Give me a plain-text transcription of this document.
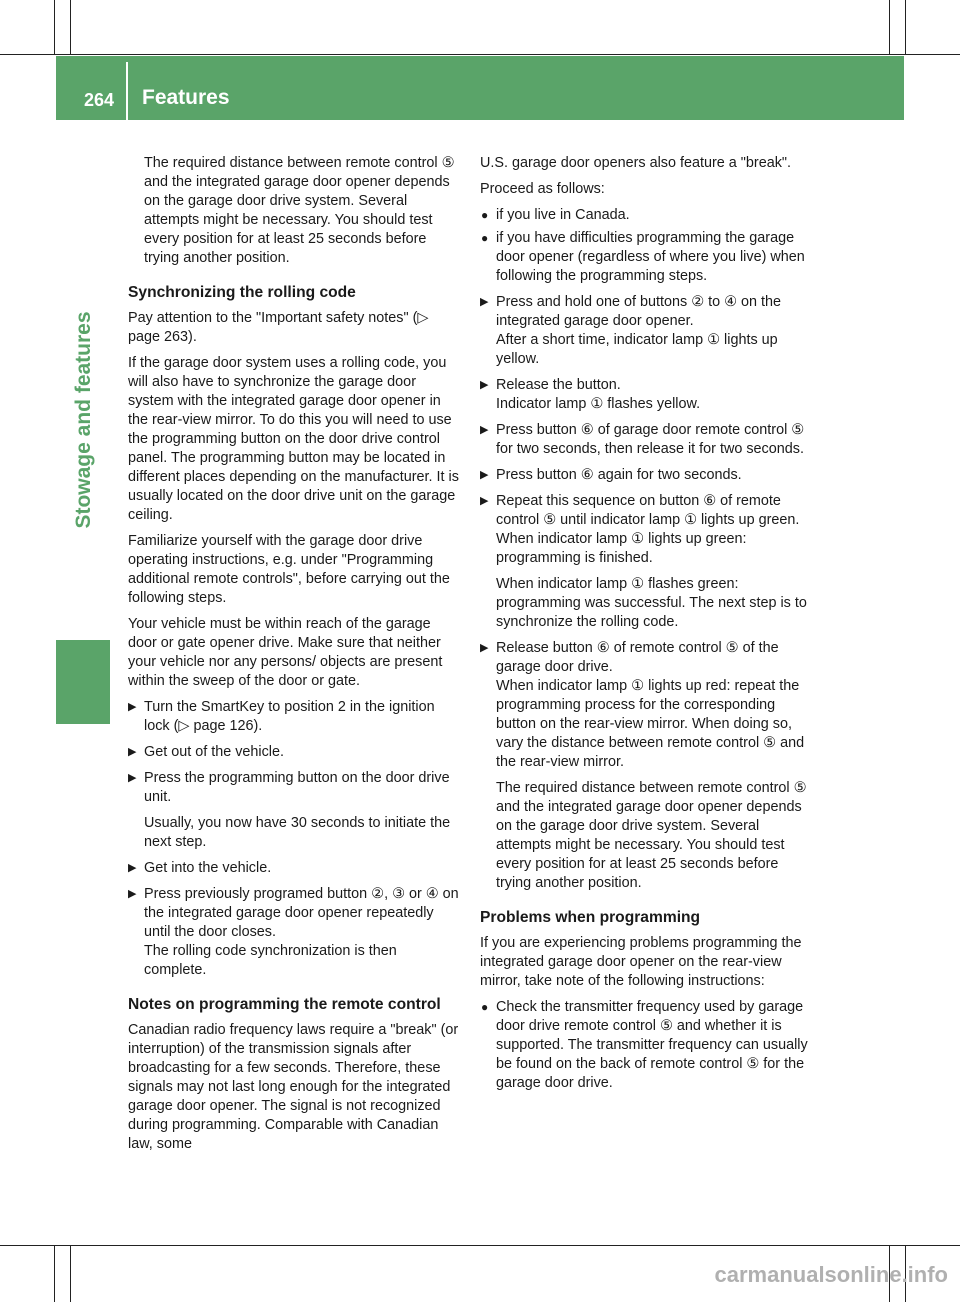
264 Features
Stowage and features

The required distance between remote control ⑤ and the integrated garage door opener depends on the garage door drive system. Several attempts might be necessary. You should test every position for at least 25 seconds before trying another position.

Synchronizing the rolling code

Pay attention to the "Important safety notes" (▷ page 263).

If the garage door system uses a rolling code, you will also have to synchronize the garage door system with the integrated garage door opener in the rear-view mirror. To do this you will need to use the programming button on the door drive control panel. The programming button may be located in different places depending on the manufacturer. It is usually located on the door drive unit on the garage ceiling.

Familiarize yourself with the garage door drive operating instructions, e.g. under "Programming additional remote controls", before carrying out the following steps.

Your vehicle must be within reach of the garage door or gate opener drive. Make sure that neither your vehicle nor any persons/ objects are present within the sweep of the door or gate.

▶ Turn the SmartKey to position 2 in the ignition lock (▷ page 126).
▶ Get out of the vehicle.
▶ Press the programming button on the door drive unit.
Usually, you now have 30 seconds to initiate the next step.
▶ Get into the vehicle.
▶ Press previously programed button ②, ③ or ④ on the integrated garage door opener repeatedly until the door closes.
The rolling code synchronization is then complete.
Notes on programming the remote control

Canadian radio frequency laws require a "break" (or interruption) of the transmission signals after broadcasting for a few seconds. Therefore, these signals may not last long enough for the integrated garage door opener. The signal is not recognized during programming. Comparable with Canadian law, some

U.S. garage door openers also feature a "break".

Proceed as follows:

● if you live in Canada.
● if you have difficulties programming the garage door opener (regardless of where you live) when following the programming steps.
▶ Press and hold one of buttons ② to ④ on the integrated garage door opener.
After a short time, indicator lamp ① lights up yellow.
▶ Release the button.
Indicator lamp ① flashes yellow.
▶ Press button ⑥ of garage door remote control ⑤ for two seconds, then release it for two seconds.
▶ Press button ⑥ again for two seconds.
▶ Repeat this sequence on button ⑥ of remote control ⑤ until indicator lamp ① lights up green.
When indicator lamp ① lights up green: programming is finished.
When indicator lamp ① flashes green: programming was successful. The next step is to synchronize the rolling code.
▶ Release button ⑥ of remote control ⑤ of the garage door drive.
When indicator lamp ① lights up red: repeat the programming process for the corresponding button on the rear-view mirror. When doing so, vary the distance between remote control ⑤ and the rear-view mirror.
The required distance between remote control ⑤ and the integrated garage door opener depends on the garage door drive system. Several attempts might be necessary. You should test every position for at least 25 seconds before trying another position.
Problems when programming

If you are experiencing problems programming the integrated garage door opener on the rear-view mirror, take note of the following instructions:

● Check the transmitter frequency used by garage door drive remote control ⑤ and whether it is supported. The transmitter frequency can usually be found on the back of remote control ⑤ for the garage door drive.
carmanualsonline.info
